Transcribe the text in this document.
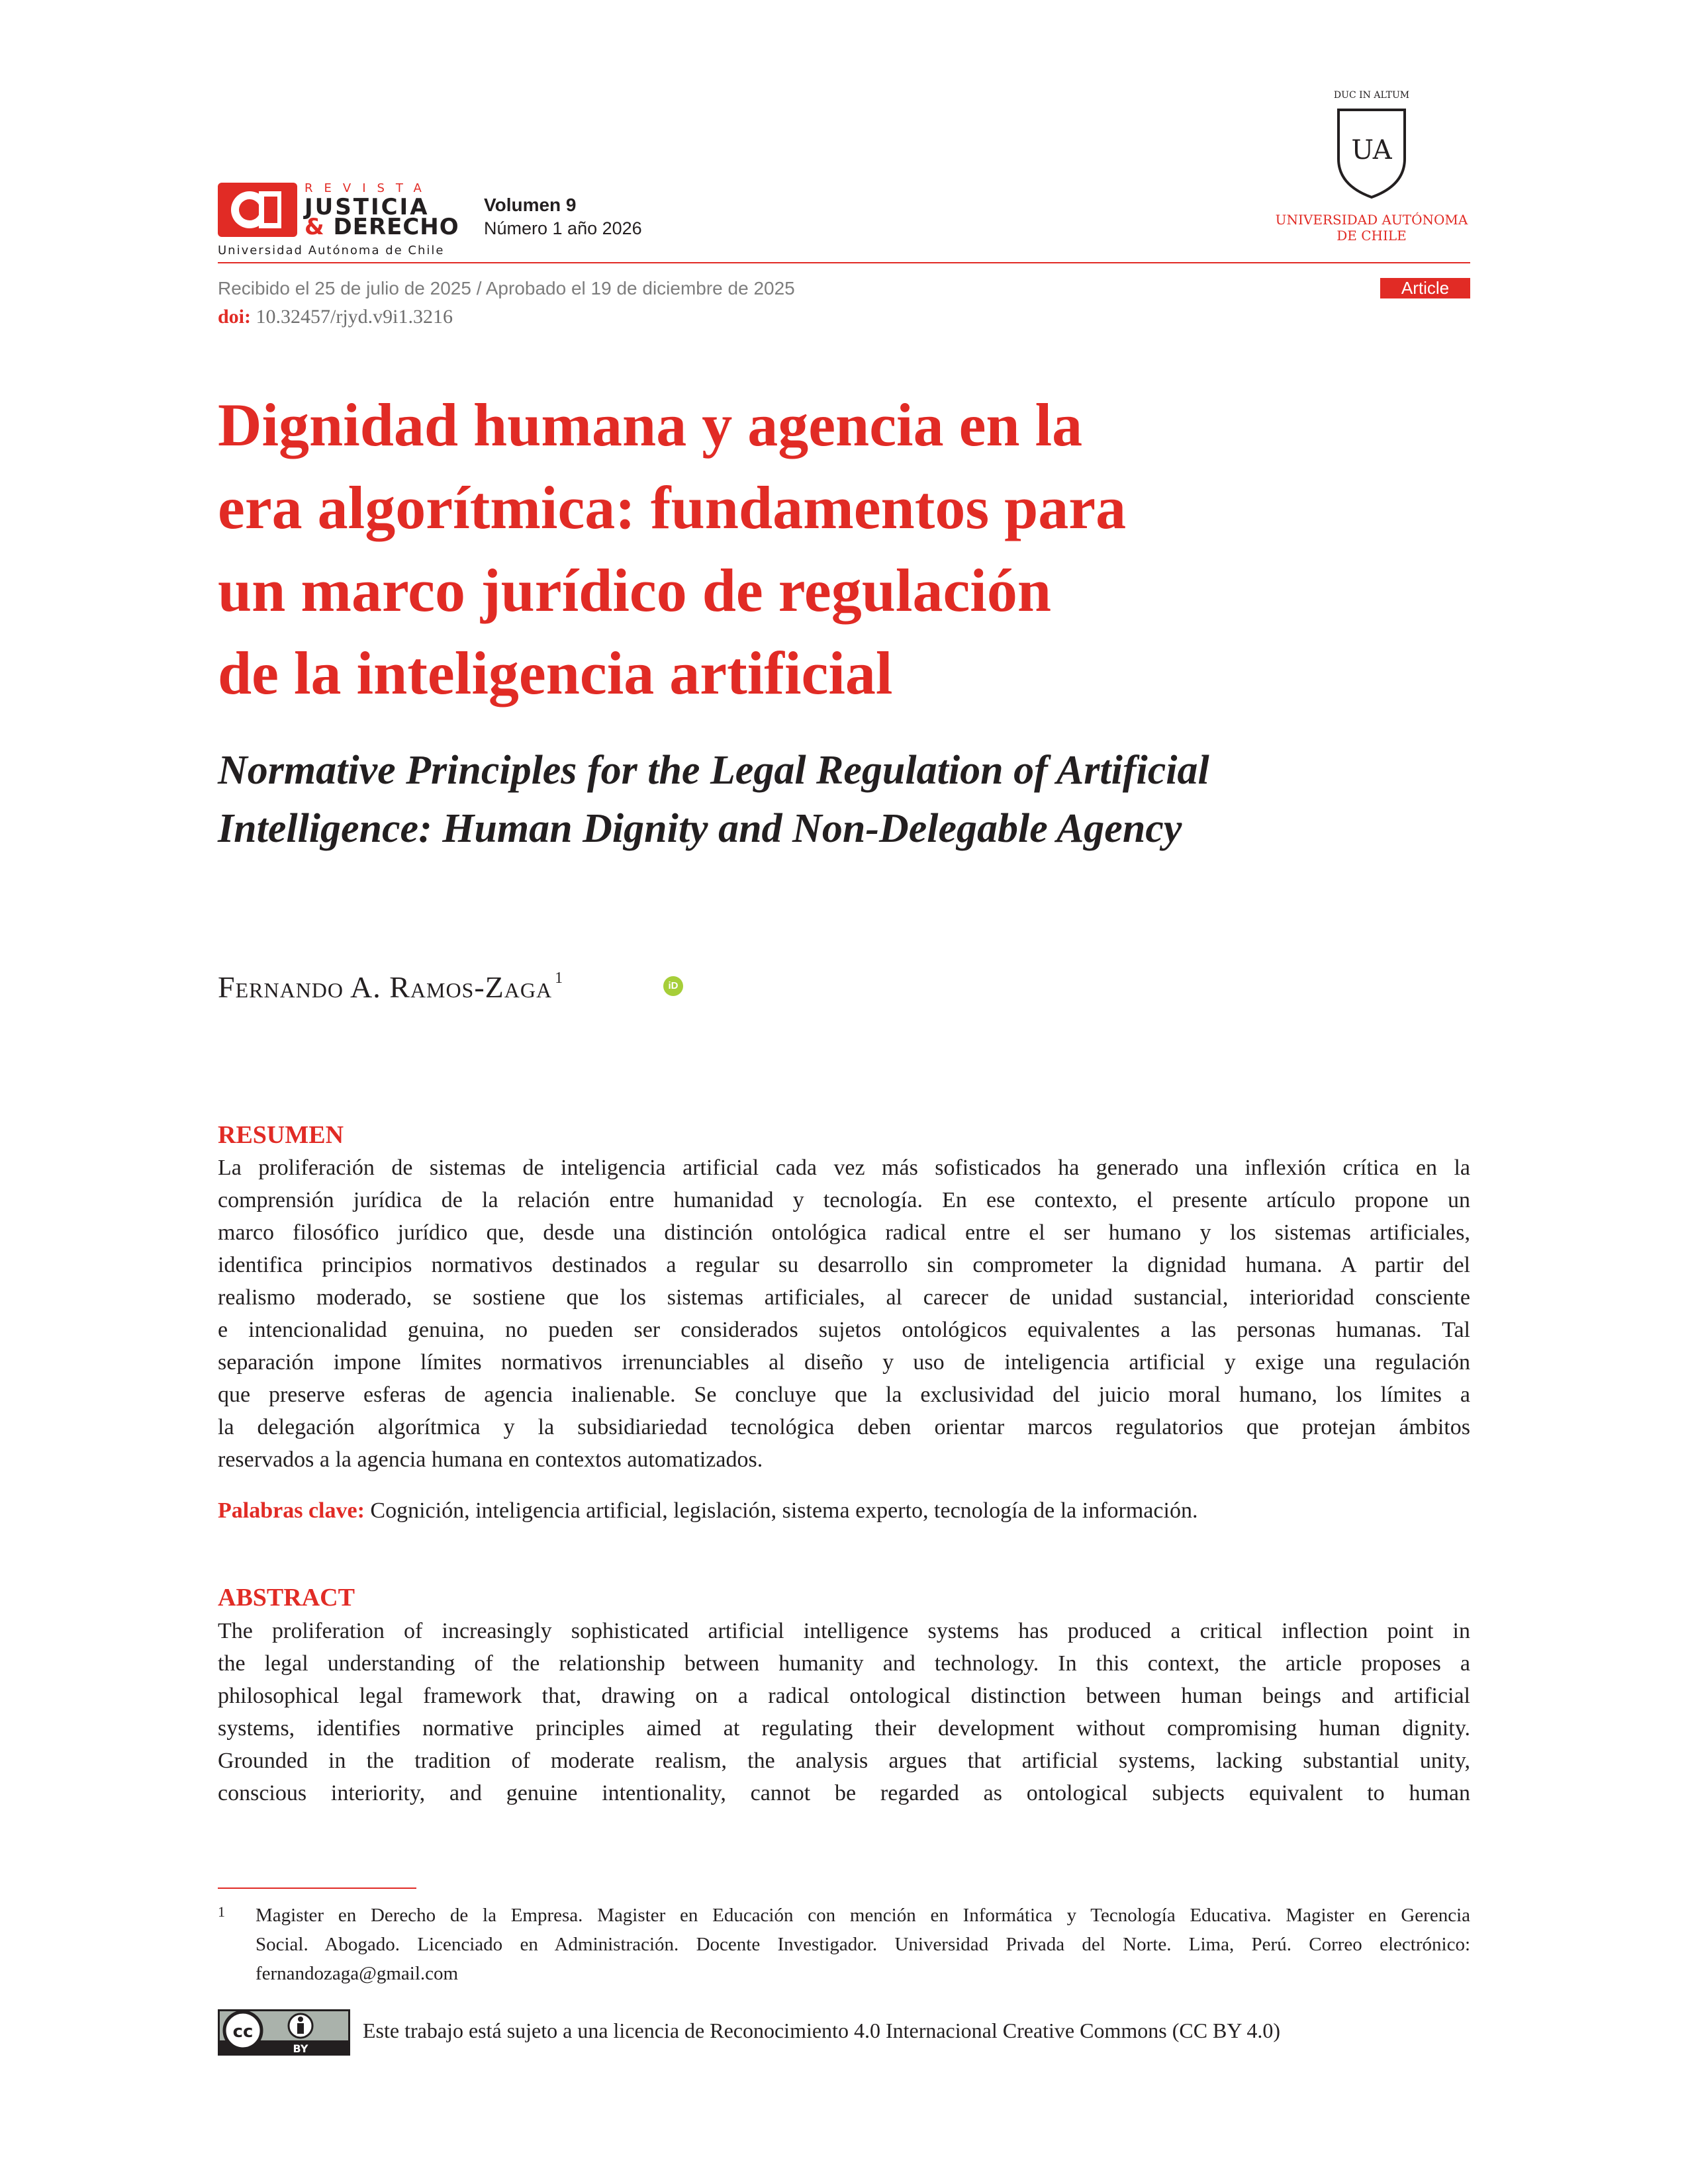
REVISTA
JUSTICIA
& DERECHO
Universidad Autónoma de Chile
Volumen 9
Número 1 año 2026
DUC IN ALTUM
UA
UNIVERSIDAD AUTÓNOMA
DE CHILE
Recibido el 25 de julio de 2025 / Aprobado el 19 de diciembre de 2025	Article
doi: 10.32457/rjyd.v9i1.3216
Dignidad humana y agencia en la
era algorítmica: fundamentos para
un marco jurídico de regulación
de la inteligencia artificial
Normative Principles for the Legal Regulation of Artificial
Intelligence: Human Dignity and Non-Delegable Agency
Fernando A. Ramos-Zaga $^1$	iD
RESUMEN
La proliferación de sistemas de inteligencia artificial cada vez más sofisticados ha generado una inflexión crítica en la
comprensión jurídica de la relación entre humanidad y tecnología. En ese contexto, el presente artículo propone un
marco filosófico jurídico que, desde una distinción ontológica radical entre el ser humano y los sistemas artificiales,
identifica principios normativos destinados a regular su desarrollo sin comprometer la dignidad humana. A partir del
realismo moderado, se sostiene que los sistemas artificiales, al carecer de unidad sustancial, interioridad consciente
e intencionalidad genuina, no pueden ser considerados sujetos ontológicos equivalentes a las personas humanas. Tal
separación impone límites normativos irrenunciables al diseño y uso de inteligencia artificial y exige una regulación
que preserve esferas de agencia inalienable. Se concluye que la exclusividad del juicio moral humano, los límites a
la delegación algorítmica y la subsidiariedad tecnológica deben orientar marcos regulatorios que protejan ámbitos
reservados a la agencia humana en contextos automatizados.
Palabras clave: Cognición, inteligencia artificial, legislación, sistema experto, tecnología de la información.
ABSTRACT
The proliferation of increasingly sophisticated artificial intelligence systems has produced a critical inflection point in
the legal understanding of the relationship between humanity and technology. In this context, the article proposes a
philosophical legal framework that, drawing on a radical ontological distinction between human beings and artificial
systems, identifies normative principles aimed at regulating their development without compromising human dignity.
Grounded in the tradition of moderate realism, the analysis argues that artificial systems, lacking substantial unity,
conscious interiority, and genuine intentionality, cannot be regarded as ontological subjects equivalent to human
1 Magister en Derecho de la Empresa. Magister en Educación con mención en Informática y Tecnología Educativa. Magister en Gerencia
Social. Abogado. Licenciado en Administración. Docente Investigador. Universidad Privada del Norte. Lima, Perú. Correo electrónico:
fernandozaga@gmail.com
cc
BY
Este trabajo está sujeto a una licencia de Reconocimiento 4.0 Internacional Creative Commons (CC BY 4.0)
